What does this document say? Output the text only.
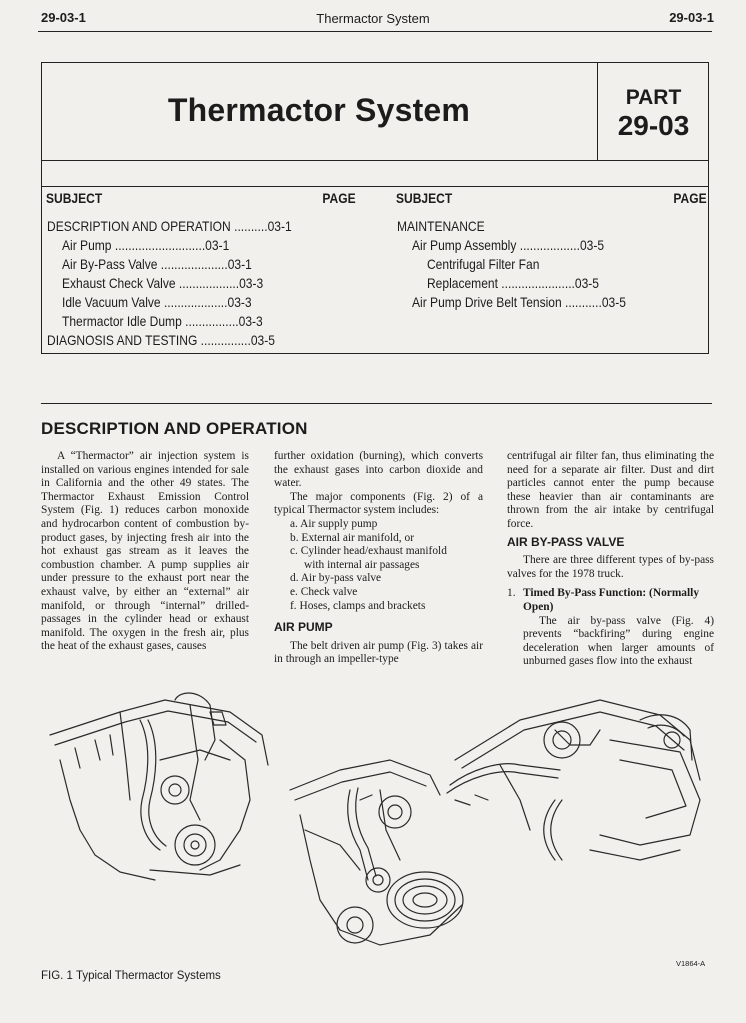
29-03-1	Thermactor System	29-03-1
Thermactor System	PART
29-03
SUBJECT	PAGE	SUBJECT	PAGE
DESCRIPTION AND OPERATION ..........03-1
Air Pump ...........................03-1
Air By-Pass Valve ....................03-1
Exhaust Check Valve ..................03-3
Idle Vacuum Valve ...................03-3
Thermactor Idle Dump ................03-3
DIAGNOSIS AND TESTING ...............03-5
MAINTENANCE
Air Pump Assembly ..................03-5
Centrifugal Filter Fan
Replacement ......................03-5
Air Pump Drive Belt Tension ...........03-5
DESCRIPTION AND OPERATION

A “Thermactor” air injection system is installed on various engines intended for sale in California and the other 49 states. The Thermactor Exhaust Emission Control System (Fig. 1) reduces carbon monoxide and hydrocarbon content of combustion by-product gases, by injecting fresh air into the hot exhaust gas stream as it leaves the combustion chamber. A pump supplies air under pressure to the exhaust port near the exhaust valve, by either an “external” air manifold, or through “internal” drilled-passages in the cylinder head or exhaust manifold. The oxygen in the fresh air, plus the heat of the exhaust gases, causes

further oxidation (burning), which converts the exhaust gases into carbon dioxide and water.

The major components (Fig. 2) of a typical Thermactor system includes:

a. Air supply pump

b. External air manifold, or

c. Cylinder head/exhaust manifold

with internal air passages

d. Air by-pass valve

e. Check valve

f. Hoses, clamps and brackets

AIR PUMP

The belt driven air pump (Fig. 3) takes air in through an impeller-type

centrifugal air filter fan, thus eliminating the need for a separate air filter. Dust and dirt particles cannot enter the pump because these heavier than air contaminants are thrown from the air intake by centrifugal force.

AIR BY-PASS VALVE

There are three different types of by-pass valves for the 1978 truck.

1. Timed By-Pass Function: (Normally Open)

The air by-pass valve (Fig. 4) prevents “backfiring” during engine deceleration when larger amounts of unburned gases flow into the exhaust

V1864-A
FIG. 1 Typical Thermactor Systems
